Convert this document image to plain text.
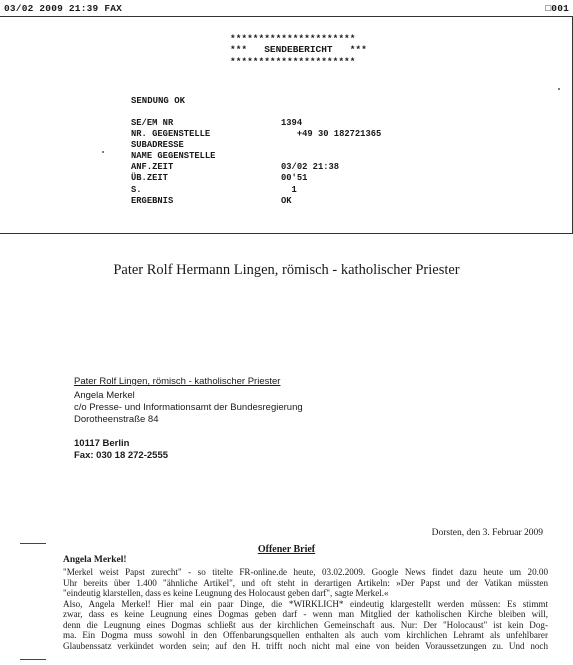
03/02 2009 21:39 FAX	□001
**********************
***   SENDEBERICHT   ***
**********************
SENDUNG OK
SE/EM NR	1394
NR. GEGENSTELLE	+49 30 182721365
SUBADRESSE
NAME GEGENSTELLE
ANF.ZEIT	03/02 21:38
ÜB.ZEIT	00'51
S.	1
ERGEBNIS	OK
Pater Rolf Hermann Lingen, römisch - katholischer Priester
Pater Rolf Lingen, römisch - katholischer Priester
Angela Merkel
c/o Presse- und Informationsamt der Bundesregierung
Dorotheenstraße 84
10117 Berlin
Fax: 030 18 272-2555
Dorsten, den 3. Februar 2009
Offener Brief
Angela Merkel!
"Merkel weist Papst zurecht" - so titelte FR-online.de heute, 03.02.2009. Google News findet dazu heute um 20.00
Uhr bereits über 1.400 "ähnliche Artikel", und oft steht in derartigen Artikeln: »Der Papst und der Vatikan müssten
"eindeutig klarstellen, dass es keine Leugnung des Holocaust geben darf", sagte Merkel.«
Also, Angela Merkel! Hier mal ein paar Dinge, die *WIRKLICH* eindeutig klargestellt werden müssen: Es stimmt
zwar, dass es keine Leugnung eines Dogmas geben darf - wenn man Mitglied der katholischen Kirche bleiben will,
denn die Leugnung eines Dogmas schließt aus der kirchlichen Gemeinschaft aus. Nur: Der "Holocaust" ist kein Dog-
ma. Ein Dogma muss sowohl in den Offenbarungsquellen enthalten als auch vom kirchlichen Lehramt als unfehlbarer
Glaubenssatz verkündet worden sein; auf den H. trifft noch nicht mal eine von beiden Voraussetzungen zu. Und noch
